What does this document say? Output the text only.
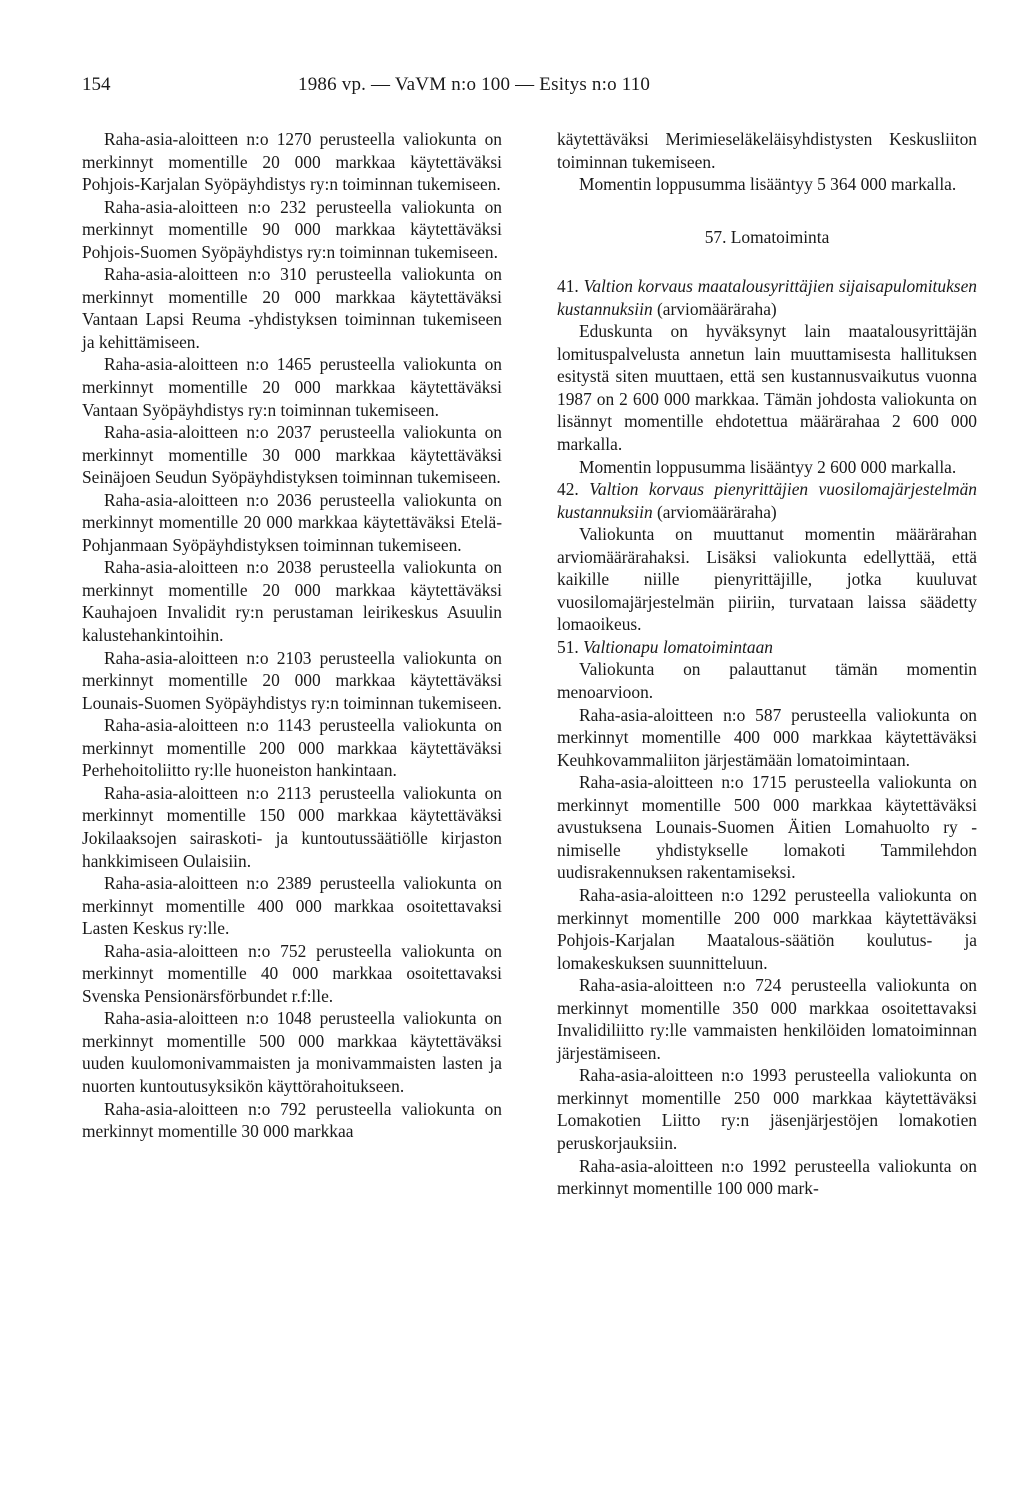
154	1986 vp. — VaVM n:o 100 — Esitys n:o 110

Raha-asia-aloitteen n:o 1270 perusteella valiokunta on merkinnyt momentille 20 000 markkaa käytettäväksi Pohjois-Karjalan Syöpäyhdistys ry:n toiminnan tukemiseen.

Raha-asia-aloitteen n:o 232 perusteella valiokunta on merkinnyt momentille 90 000 markkaa käytettäväksi Pohjois-Suomen Syöpäyhdistys ry:n toiminnan tukemiseen.

Raha-asia-aloitteen n:o 310 perusteella valiokunta on merkinnyt momentille 20 000 markkaa käytettäväksi Vantaan Lapsi Reuma -yhdistyksen toiminnan tukemiseen ja kehittämiseen.

Raha-asia-aloitteen n:o 1465 perusteella valiokunta on merkinnyt momentille 20 000 markkaa käytettäväksi Vantaan Syöpäyhdistys ry:n toiminnan tukemiseen.

Raha-asia-aloitteen n:o 2037 perusteella valiokunta on merkinnyt momentille 30 000 markkaa käytettäväksi Seinäjoen Seudun Syöpäyhdistyksen toiminnan tukemiseen.

Raha-asia-aloitteen n:o 2036 perusteella valiokunta on merkinnyt momentille 20 000 markkaa käytettäväksi Etelä-Pohjanmaan Syöpäyhdistyksen toiminnan tukemiseen.

Raha-asia-aloitteen n:o 2038 perusteella valiokunta on merkinnyt momentille 20 000 markkaa käytettäväksi Kauhajoen Invalidit ry:n perustaman leirikeskus Asuulin kalustehankintoihin.

Raha-asia-aloitteen n:o 2103 perusteella valiokunta on merkinnyt momentille 20 000 markkaa käytettäväksi Lounais-Suomen Syöpäyhdistys ry:n toiminnan tukemiseen.

Raha-asia-aloitteen n:o 1143 perusteella valiokunta on merkinnyt momentille 200 000 markkaa käytettäväksi Perhehoitoliitto ry:lle huoneiston hankintaan.

Raha-asia-aloitteen n:o 2113 perusteella valiokunta on merkinnyt momentille 150 000 markkaa käytettäväksi Jokilaaksojen sairaskoti- ja kuntoutussäätiölle kirjaston hankkimiseen Oulaisiin.

Raha-asia-aloitteen n:o 2389 perusteella valiokunta on merkinnyt momentille 400 000 markkaa osoitettavaksi Lasten Keskus ry:lle.

Raha-asia-aloitteen n:o 752 perusteella valiokunta on merkinnyt momentille 40 000 markkaa osoitettavaksi Svenska Pensionärsförbundet r.f:lle.

Raha-asia-aloitteen n:o 1048 perusteella valiokunta on merkinnyt momentille 500 000 markkaa käytettäväksi uuden kuulomonivammaisten ja monivammaisten lasten ja nuorten kuntoutusyksikön käyttörahoitukseen.

Raha-asia-aloitteen n:o 792 perusteella valiokunta on merkinnyt momentille 30 000 markkaa

käytettäväksi Merimieseläkeläisyhdistysten Keskusliiton toiminnan tukemiseen.

Momentin loppusumma lisääntyy 5 364 000 markalla.

57. Lomatoiminta

41. Valtion korvaus maatalousyrittäjien sijaisapulomituksen kustannuksiin (arviomääräraha)

Eduskunta on hyväksynyt lain maatalousyrittäjän lomituspalvelusta annetun lain muuttamisesta hallituksen esitystä siten muuttaen, että sen kustannusvaikutus vuonna 1987 on 2 600 000 markkaa. Tämän johdosta valiokunta on lisännyt momentille ehdotettua määrärahaa 2 600 000 markalla.

Momentin loppusumma lisääntyy 2 600 000 markalla.

42. Valtion korvaus pienyrittäjien vuosilomajärjestelmän kustannuksiin (arviomääräraha)

Valiokunta on muuttanut momentin määrärahan arviomäärärahaksi. Lisäksi valiokunta edellyttää, että kaikille niille pienyrittäjille, jotka kuuluvat vuosilomajärjestelmän piiriin, turvataan laissa säädetty lomaoikeus.

51. Valtionapu lomatoimintaan

Valiokunta on palauttanut tämän momentin menoarvioon.

Raha-asia-aloitteen n:o 587 perusteella valiokunta on merkinnyt momentille 400 000 markkaa käytettäväksi Keuhkovammaliiton järjestämään lomatoimintaan.

Raha-asia-aloitteen n:o 1715 perusteella valiokunta on merkinnyt momentille 500 000 markkaa käytettäväksi avustuksena Lounais-Suomen Äitien Lomahuolto ry -nimiselle yhdistykselle lomakoti Tammilehdon uudisrakennuksen rakentamiseksi.

Raha-asia-aloitteen n:o 1292 perusteella valiokunta on merkinnyt momentille 200 000 markkaa käytettäväksi Pohjois-Karjalan Maatalous-säätiön koulutus- ja lomakeskuksen suunnitteluun.

Raha-asia-aloitteen n:o 724 perusteella valiokunta on merkinnyt momentille 350 000 markkaa osoitettavaksi Invalidiliitto ry:lle vammaisten henkilöiden lomatoiminnan järjestämiseen.

Raha-asia-aloitteen n:o 1993 perusteella valiokunta on merkinnyt momentille 250 000 markkaa käytettäväksi Lomakotien Liitto ry:n jäsenjärjestöjen lomakotien peruskorjauksiin.

Raha-asia-aloitteen n:o 1992 perusteella valiokunta on merkinnyt momentille 100 000 mark-
